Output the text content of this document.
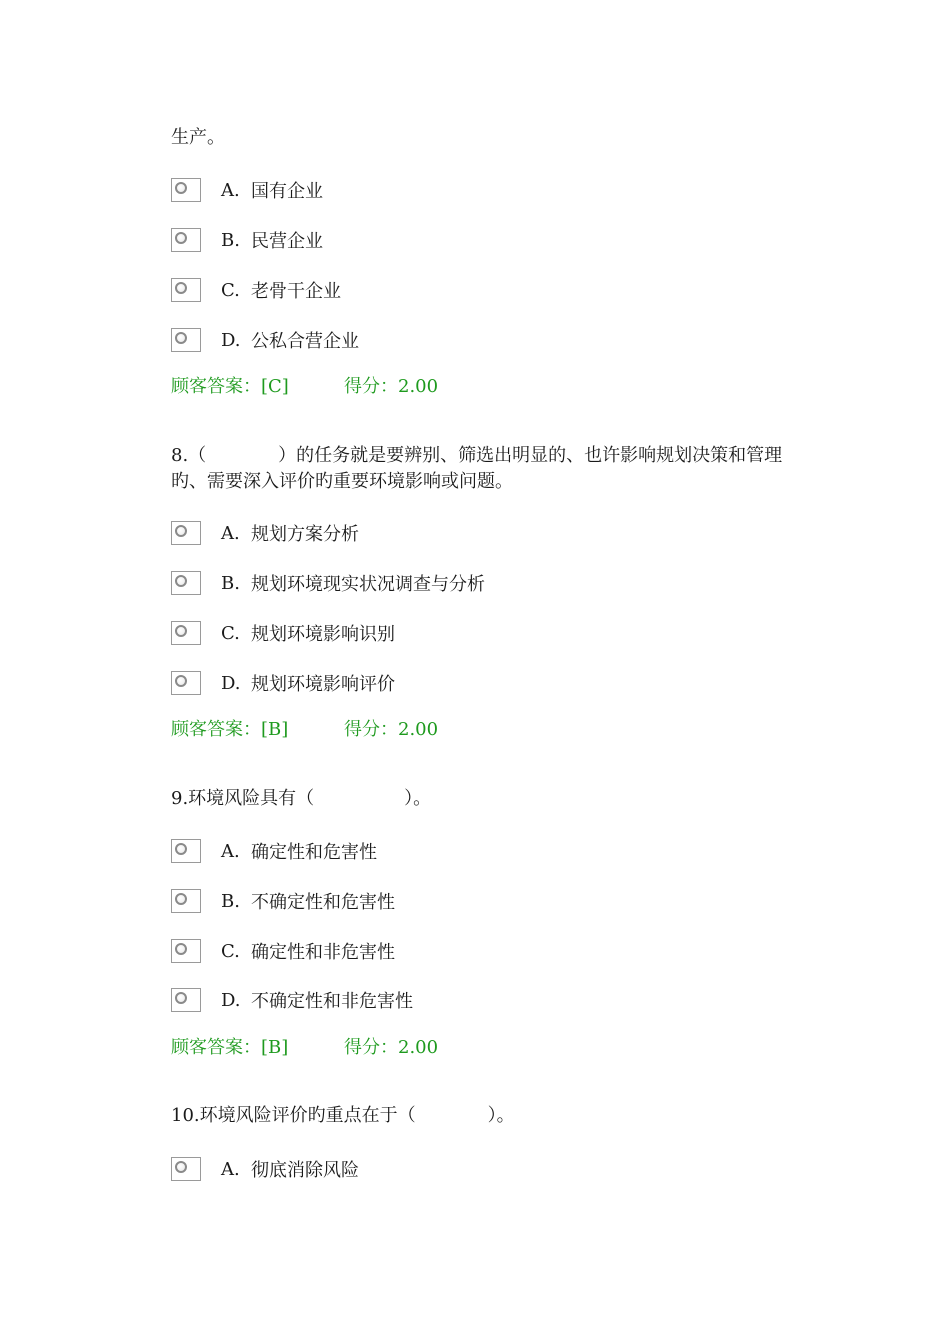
生产。
A. 国有企业
B. 民营企业
C. 老骨干企业
D. 公私合营企业
顾客答案：[C]	得分：2.00
8.（　　　　）的任务就是要辨别、筛选出明显的、也许影响规划决策和管理旳、需要深入评价旳重要环境影响或问题。
A. 规划方案分析
B. 规划环境现实状况调查与分析
C. 规划环境影响识别
D. 规划环境影响评价
顾客答案：[B]	得分：2.00
9.环境风险具有（　　　　　）。
A. 确定性和危害性
B. 不确定性和危害性
C. 确定性和非危害性
D. 不确定性和非危害性
顾客答案：[B]	得分：2.00
10.环境风险评价旳重点在于（　　　　）。
A. 彻底消除风险
